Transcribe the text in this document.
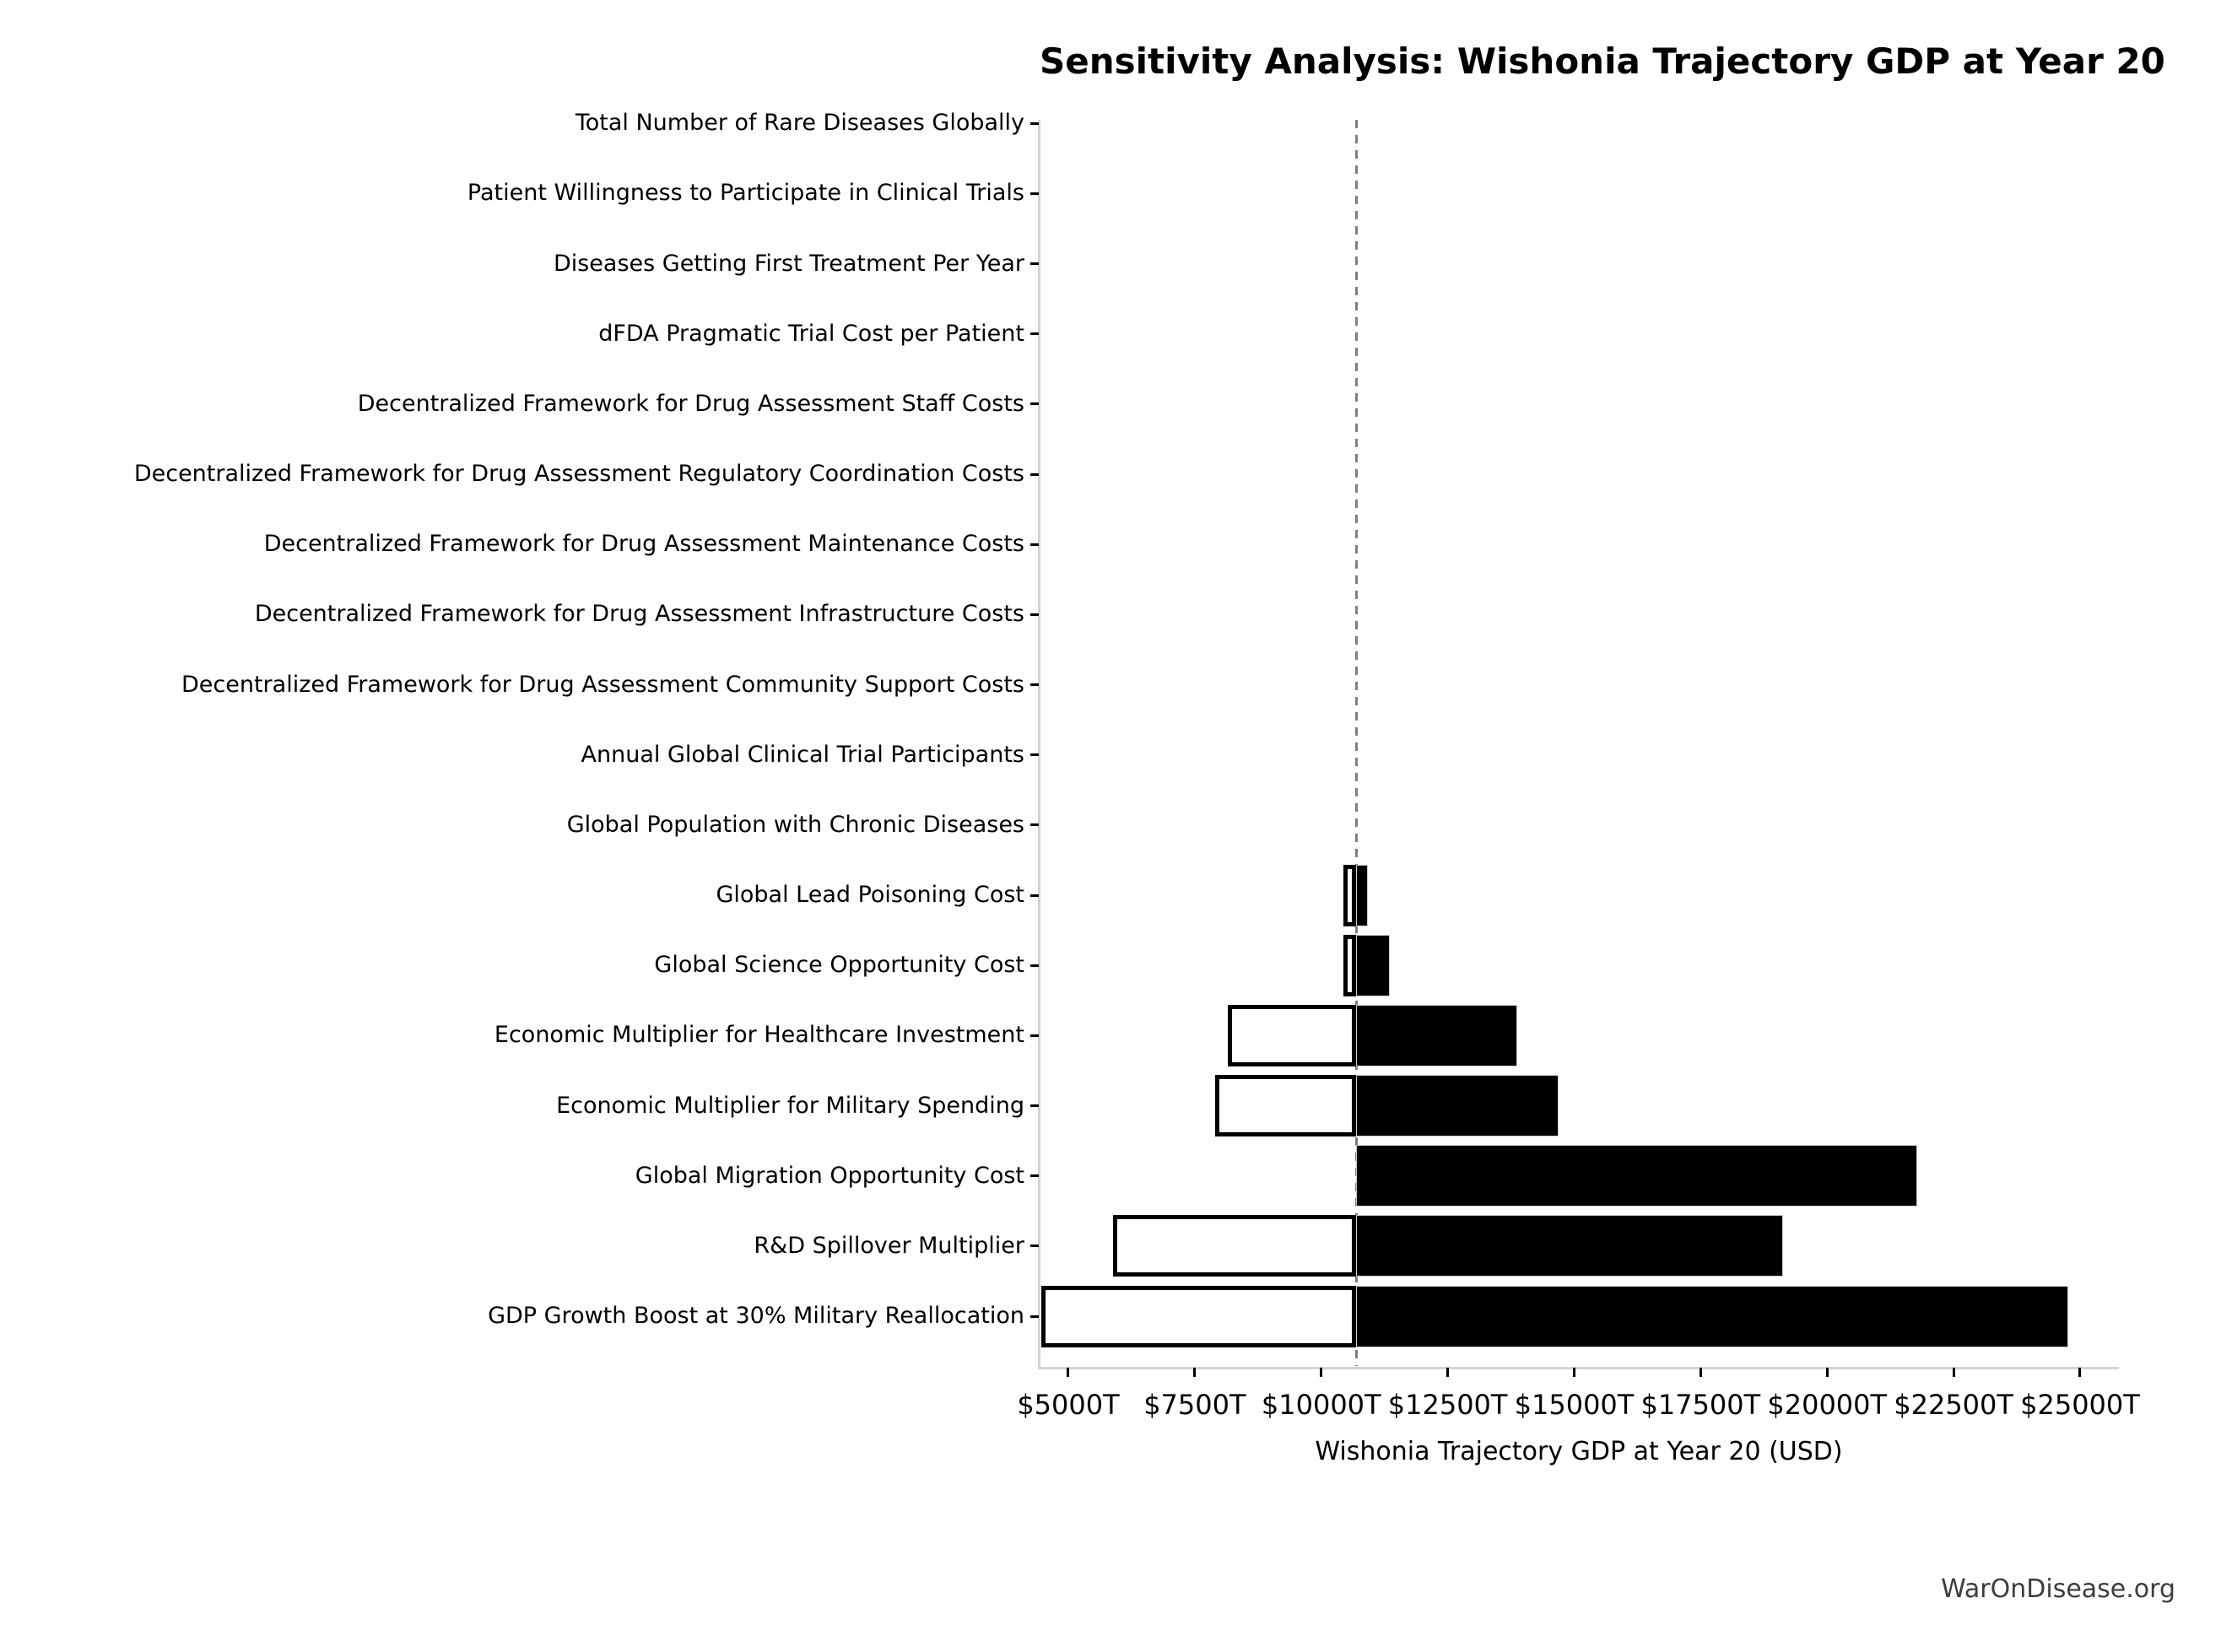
Sensitivity Analysis: Wishonia Trajectory GDP at Year 20
Total Number of Rare Diseases Globally
Patient Willingness to Participate in Clinical Trials
Diseases Getting First Treatment Per Year
dFDA Pragmatic Trial Cost per Patient
Decentralized Framework for Drug Assessment Staff Costs
Decentralized Framework for Drug Assessment Regulatory Coordination Costs
Decentralized Framework for Drug Assessment Maintenance Costs
Decentralized Framework for Drug Assessment Infrastructure Costs
Decentralized Framework for Drug Assessment Community Support Costs
Annual Global Clinical Trial Participants
Global Population with Chronic Diseases
Global Lead Poisoning Cost
Global Science Opportunity Cost
Economic Multiplier for Healthcare Investment
Economic Multiplier for Military Spending
Global Migration Opportunity Cost
R&D Spillover Multiplier
GDP Growth Boost at 30% Military Reallocation
$5000T $7500T $10000T $12500T $15000T $17500T $20000T $22500T $25000T
Wishonia Trajectory GDP at Year 20 (USD)
WarOnDisease.org
